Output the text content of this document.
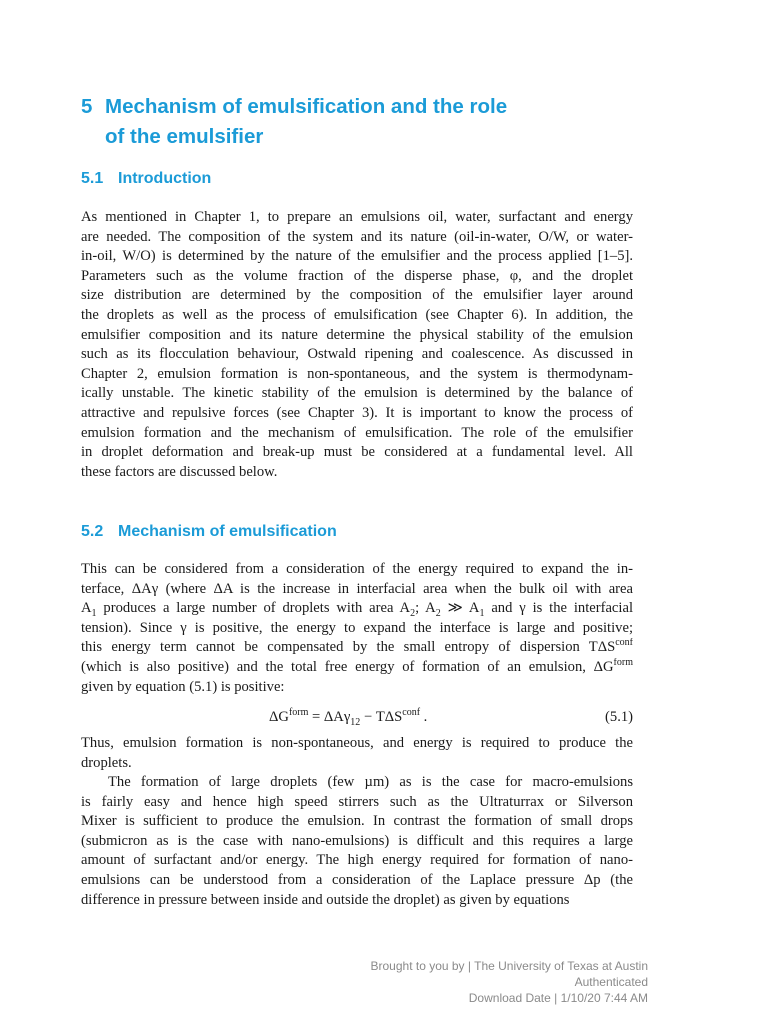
5 Mechanism of emulsification and the role
of the emulsifier
5.1 Introduction
As mentioned in Chapter 1, to prepare an emulsions oil, water, surfactant and energy
are needed. The composition of the system and its nature (oil-in-water, O/W, or water-
in-oil, W/O) is determined by the nature of the emulsifier and the process applied [1–5].
Parameters such as the volume fraction of the disperse phase, φ, and the droplet
size distribution are determined by the composition of the emulsifier layer around
the droplets as well as the process of emulsification (see Chapter 6). In addition, the
emulsifier composition and its nature determine the physical stability of the emulsion
such as its flocculation behaviour, Ostwald ripening and coalescence. As discussed in
Chapter 2, emulsion formation is non-spontaneous, and the system is thermodynam-
ically unstable. The kinetic stability of the emulsion is determined by the balance of
attractive and repulsive forces (see Chapter 3). It is important to know the process of
emulsion formation and the mechanism of emulsification. The role of the emulsifier
in droplet deformation and break-up must be considered at a fundamental level. All
these factors are discussed below.
5.2 Mechanism of emulsification
This can be considered from a consideration of the energy required to expand the in-
terface, ΔAγ (where ΔA is the increase in interfacial area when the bulk oil with area
$A_1$ produces a large number of droplets with area $A_2$; $A_2$ ≫ $A_1$ and γ is the interfacial
tension). Since γ is positive, the energy to expand the interface is large and positive;
this energy term cannot be compensated by the small entropy of dispersion $T\Delta S^{conf}$
(which is also positive) and the total free energy of formation of an emulsion, $\Delta G^{form}$
given by equation (5.1) is positive:
$\Delta G^{form} = \Delta A\gamma_{12} - T\Delta S^{conf}$ .	(5.1)
Thus, emulsion formation is non-spontaneous, and energy is required to produce the
droplets.
The formation of large droplets (few µm) as is the case for macro-emulsions
is fairly easy and hence high speed stirrers such as the Ultraturrax or Silverson
Mixer is sufficient to produce the emulsion. In contrast the formation of small drops
(submicron as is the case with nano-emulsions) is difficult and this requires a large
amount of surfactant and/or energy. The high energy required for formation of nano-
emulsions can be understood from a consideration of the Laplace pressure Δp (the
difference in pressure between inside and outside the droplet) as given by equations
Brought to you by | The University of Texas at Austin
Authenticated
Download Date | 1/10/20 7:44 AM
